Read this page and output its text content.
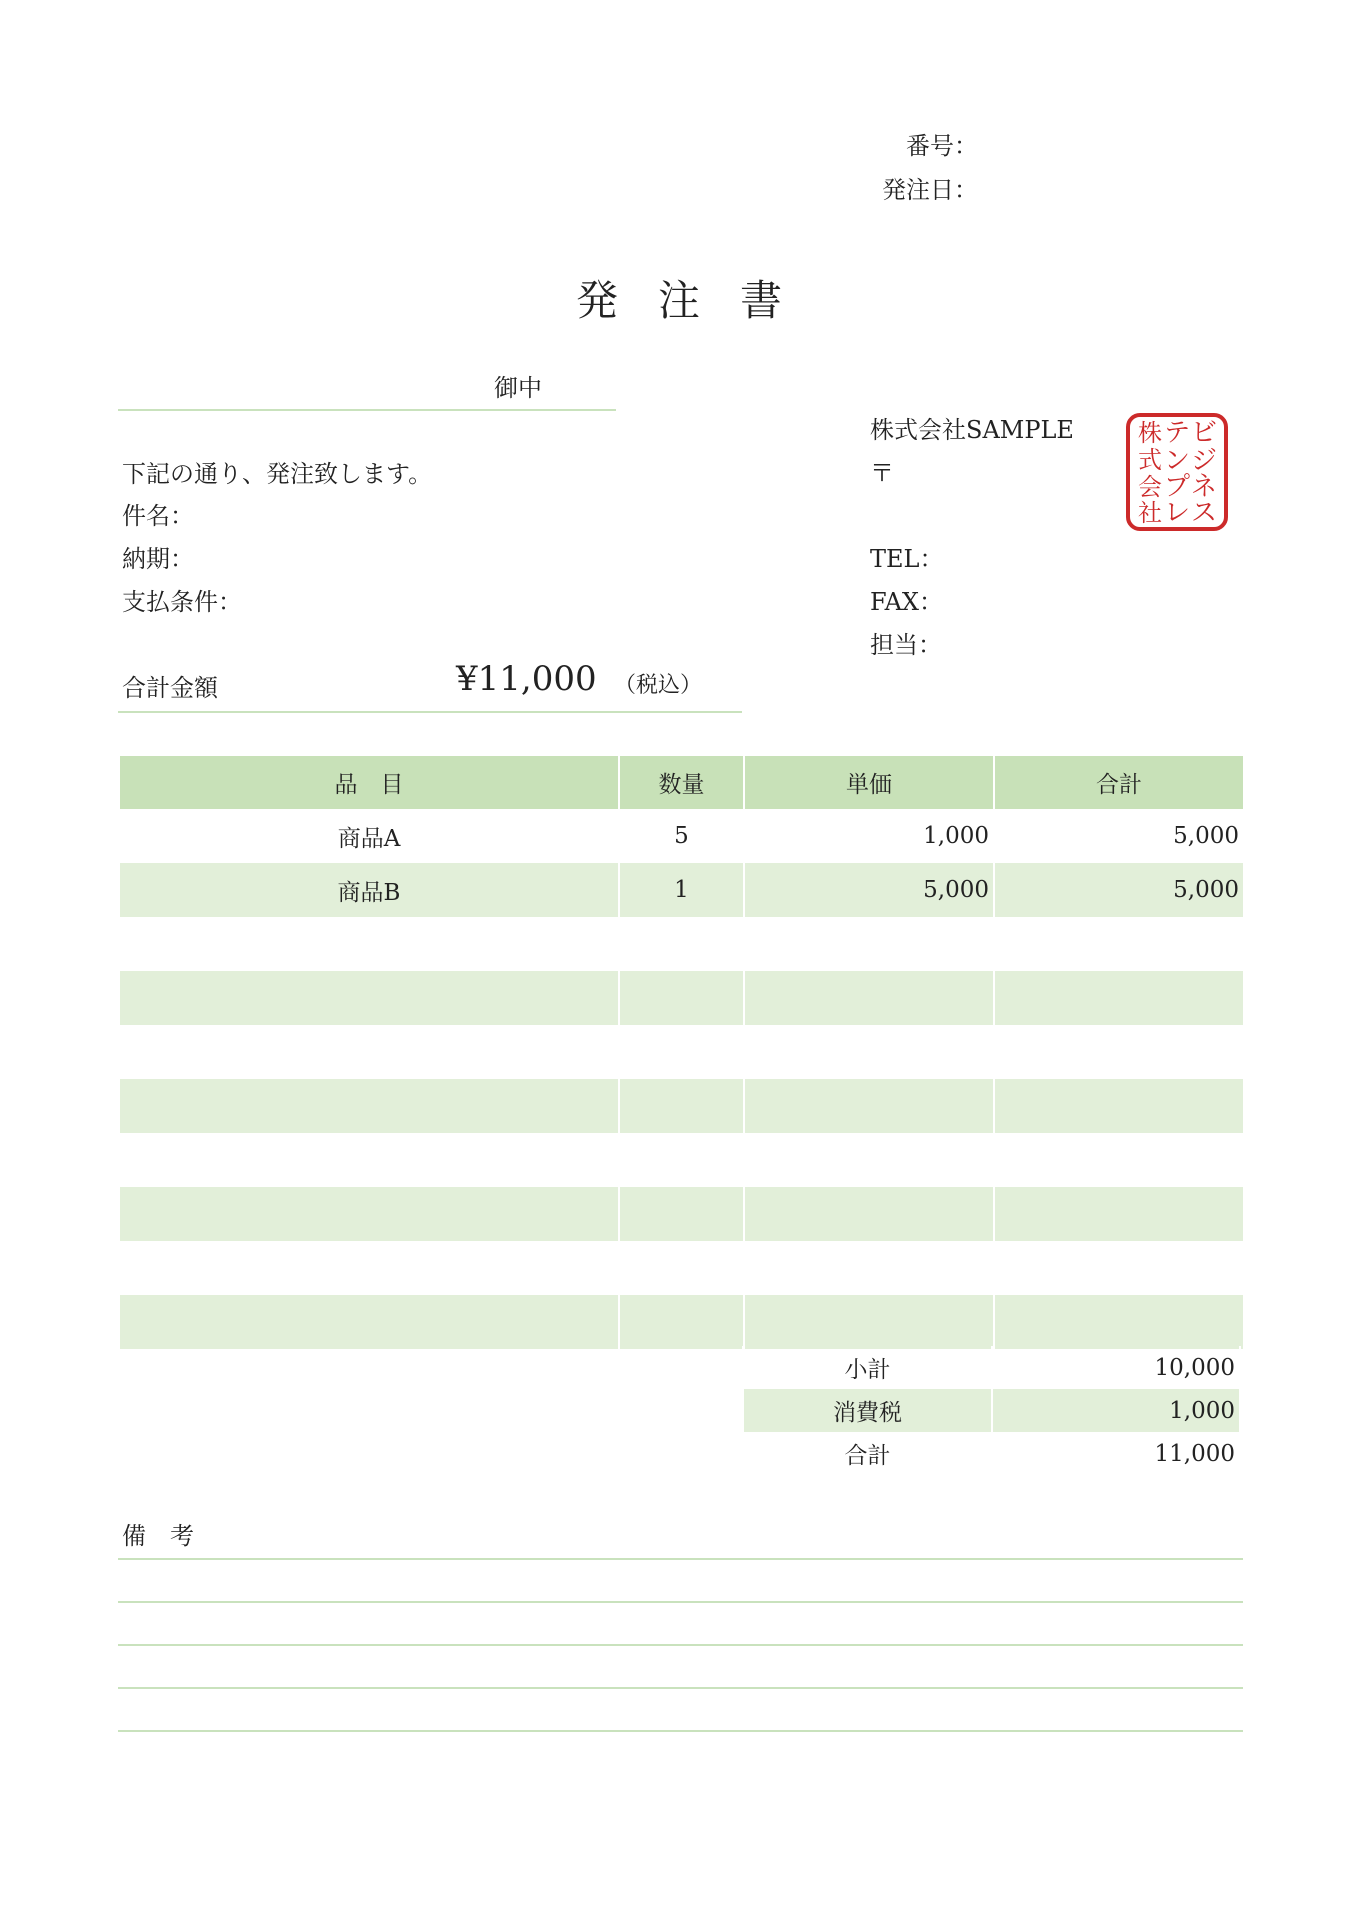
番号：
発注日：
発注書
御中
下記の通り、発注致します。
件名：
納期：
支払条件：
合計金額	¥11,000 （税込）
株式会社SAMPLE
〒
TEL：
FAX：
担当：
ビ
ジ
ネ
ス
テ
ン
プ
レ
株
式
会
社
品　目	数量	単価	合計
商品A	5	1,000	5,000
商品B	1	5,000	5,000

小計	10,000
消費税	1,000
合計	11,000
備　考
